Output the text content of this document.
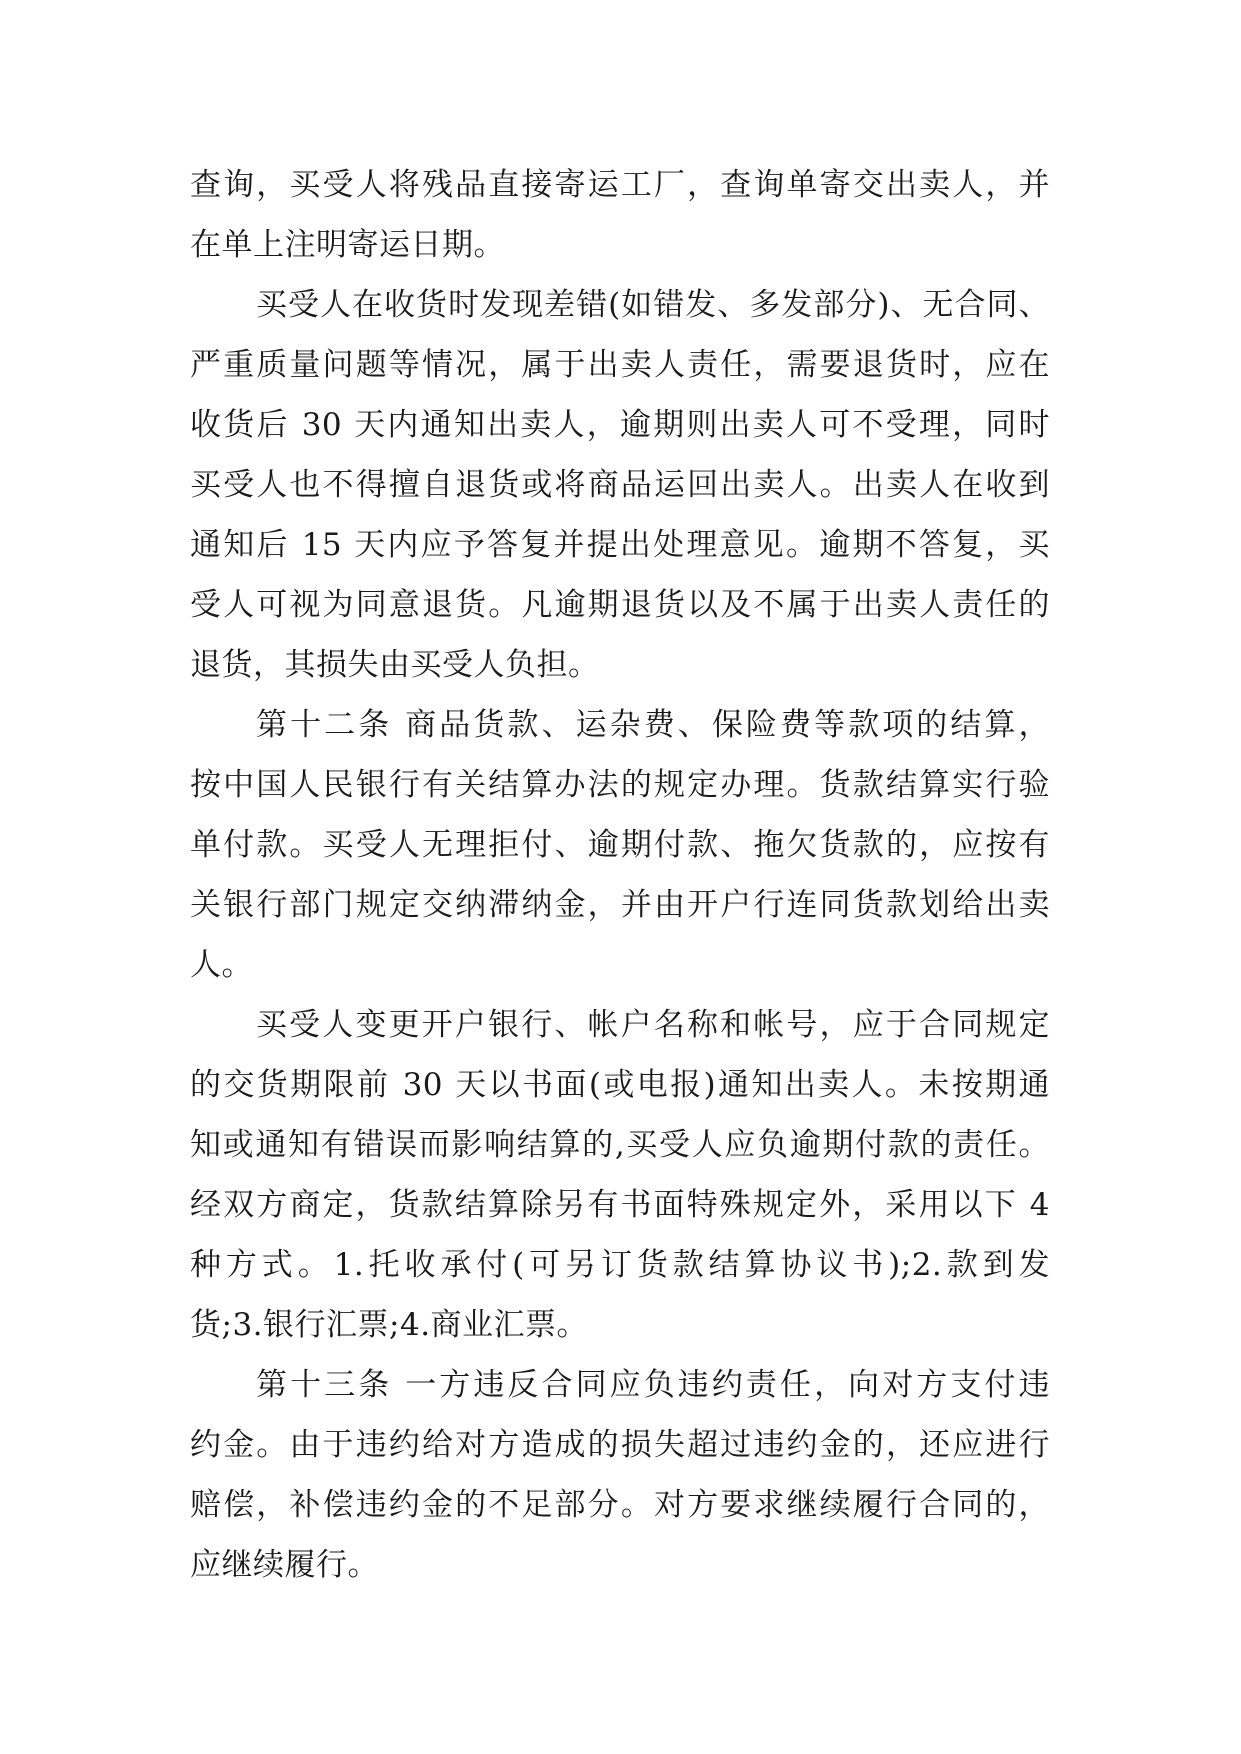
查询，买受人将残品直接寄运工厂，查询单寄交出卖人，并
在单上注明寄运日期。
买受人在收货时发现差错(如错发、多发部分)、无合同、
严重质量问题等情况，属于出卖人责任，需要退货时，应在
收货后 30 天内通知出卖人，逾期则出卖人可不受理，同时
买受人也不得擅自退货或将商品运回出卖人。出卖人在收到
通知后 15 天内应予答复并提出处理意见。逾期不答复，买
受人可视为同意退货。凡逾期退货以及不属于出卖人责任的
退货，其损失由买受人负担。
第十二条 商品货款、运杂费、保险费等款项的结算，
按中国人民银行有关结算办法的规定办理。货款结算实行验
单付款。买受人无理拒付、逾期付款、拖欠货款的，应按有
关银行部门规定交纳滞纳金，并由开户行连同货款划给出卖
人。
买受人变更开户银行、帐户名称和帐号，应于合同规定
的交货期限前 30 天以书面(或电报)通知出卖人。未按期通
知或通知有错误而影响结算的,买受人应负逾期付款的责任。
经双方商定，货款结算除另有书面特殊规定外，采用以下 4
种方式。1.托收承付(可另订货款结算协议书);2.款到发
货;3.银行汇票;4.商业汇票。
第十三条 一方违反合同应负违约责任，向对方支付违
约金。由于违约给对方造成的损失超过违约金的，还应进行
赔偿，补偿违约金的不足部分。对方要求继续履行合同的，
应继续履行。
